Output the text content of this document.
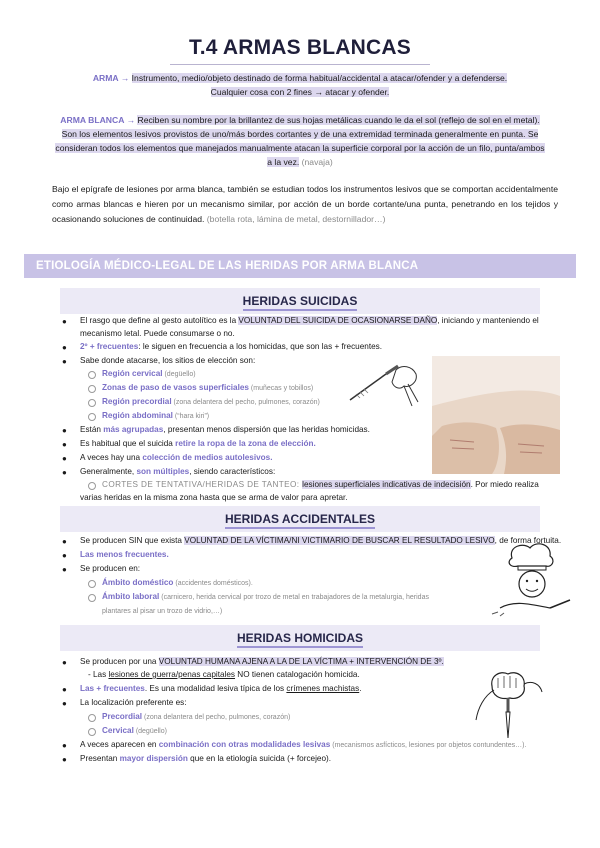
T.4 ARMAS BLANCAS
ARMA → Instrumento, medio/objeto destinado de forma habitual/accidental a atacar/ofender y a defenderse.
Cualquier cosa con 2 fines → atacar y ofender.
ARMA BLANCA → Reciben su nombre por la brillantez de sus hojas metálicas cuando le da el sol (reflejo de sol en el metal). Son los elementos lesivos provistos de uno/más bordes cortantes y de una extremidad terminada generalmente en punta. Se consideran todos los elementos que manejados manualmente atacan la superficie corporal por la acción de un filo, punta/ambos a la vez. (navaja)
Bajo el epígrafe de lesiones por arma blanca, también se estudian todos los instrumentos lesivos que se comportan accidentalmente como armas blancas e hieren por un mecanismo similar, por acción de un borde cortante/una punta, penetrando en los tejidos y ocasionando soluciones de continuidad. (botella rota, lámina de metal, destornillador…)
ETIOLOGÍA MÉDICO-LEGAL DE LAS HERIDAS POR ARMA BLANCA
HERIDAS SUICIDAS
● El rasgo que define al gesto autolítico es la VOLUNTAD DEL SUICIDA DE OCASIONARSE DAÑO, iniciando y manteniendo el
mecanismo letal. Puede consumarse o no.
● 2º + frecuentes: le siguen en frecuencia a los homicidas, que son las + frecuentes.
● Sabe donde atacarse, los sitios de elección son:
Región cervical (degüello)
Zonas de paso de vasos superficiales (muñecas y tobillos)
Región precordial (zona delantera del pecho, pulmones, corazón)
Región abdominal (“hara kiri”)
● Están más agrupadas, presentan menos dispersión que las heridas homicidas.
● Es habitual que el suicida retire la ropa de la zona de elección.
● A veces hay una colección de medios autolesivos.
● Generalmente, son múltiples, siendo característicos:
CORTES DE TENTATIVA/HERIDAS DE TANTEO: lesiones superficiales indicativas de indecisión. Por miedo realiza
varias heridas en la misma zona hasta que se arma de valor para apretar.
HERIDAS ACCIDENTALES
● Se producen SIN que exista VOLUNTAD DE LA VÍCTIMA/NI VICTIMARIO DE BUSCAR EL RESULTADO LESIVO, de forma fortuita.
● Las menos frecuentes.
● Se producen en:
Ámbito doméstico (accidentes domésticos).
Ámbito laboral (carnicero, herida cervical por trozo de metal en trabajadores de la metalurgia, heridas
plantares al pisar un trozo de vidrio,…)
HERIDAS HOMICIDAS
● Se producen por una VOLUNTAD HUMANA AJENA A LA DE LA VÍCTIMA + INTERVENCIÓN DE 3º.
- Las lesiones de guerra/penas capitales NO tienen catalogación homicida.
● Las + frecuentes. Es una modalidad lesiva típica de los crímenes machistas.
● La localización preferente es:
Precordial (zona delantera del pecho, pulmones, corazón)
Cervical (degüello)
● A veces aparecen en combinación con otras modalidades lesivas (mecanismos asfícticos, lesiones por objetos contundentes…).
● Presentan mayor dispersión que en la etiología suicida (+ forcejeo).
